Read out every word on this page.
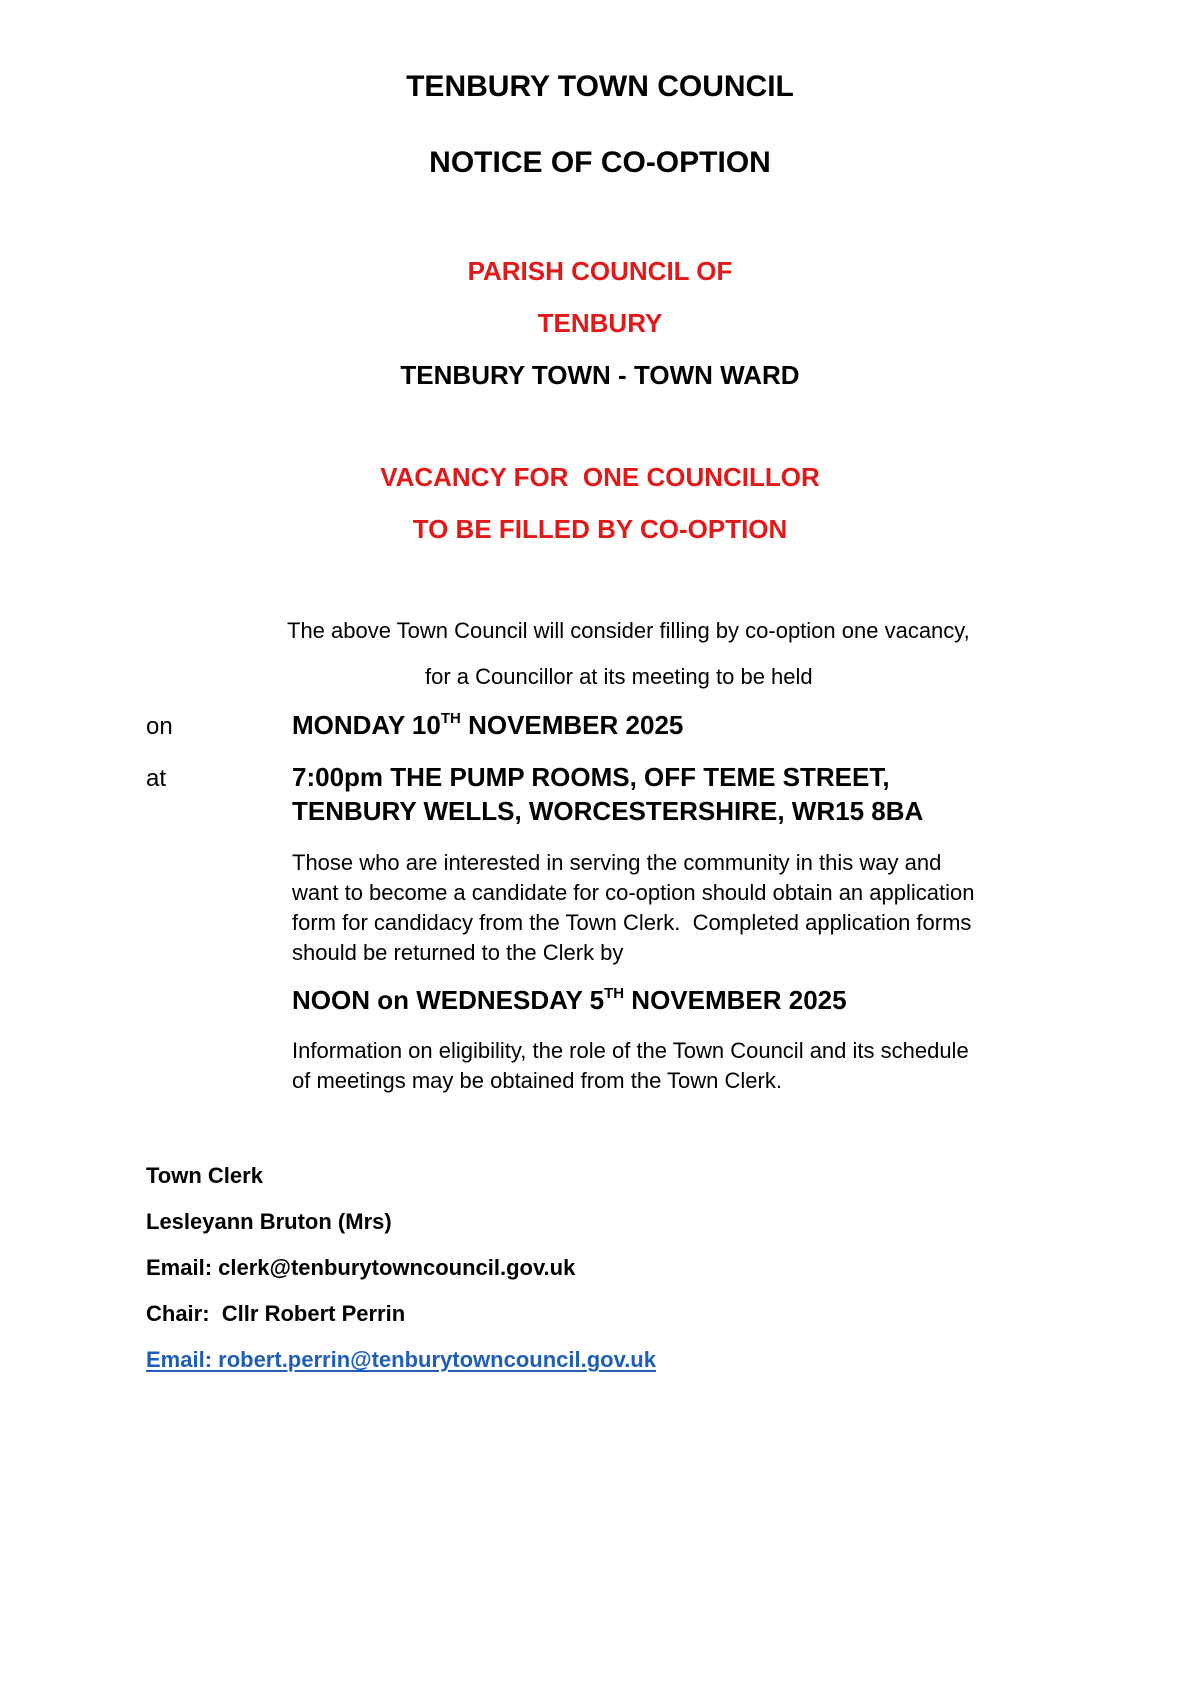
TENBURY TOWN COUNCIL
NOTICE OF CO-OPTION
PARISH COUNCIL OF
TENBURY
TENBURY TOWN - TOWN WARD
VACANCY FOR  ONE COUNCILLOR
TO BE FILLED BY CO-OPTION
The above Town Council will consider filling by co-option one vacancy,
for a Councillor at its meeting to be held
on	MONDAY 10TH NOVEMBER 2025
at	7:00pm THE PUMP ROOMS, OFF TEME STREET,
TENBURY WELLS, WORCESTERSHIRE, WR15 8BA
Those who are interested in serving the community in this way and
want to become a candidate for co-option should obtain an application
form for candidacy from the Town Clerk.  Completed application forms
should be returned to the Clerk by
NOON on WEDNESDAY 5TH NOVEMBER 2025
Information on eligibility, the role of the Town Council and its schedule
of meetings may be obtained from the Town Clerk.
Town Clerk
Lesleyann Bruton (Mrs)
Email: clerk@tenburytowncouncil.gov.uk
Chair:  Cllr Robert Perrin
Email: robert.perrin@tenburytowncouncil.gov.uk
